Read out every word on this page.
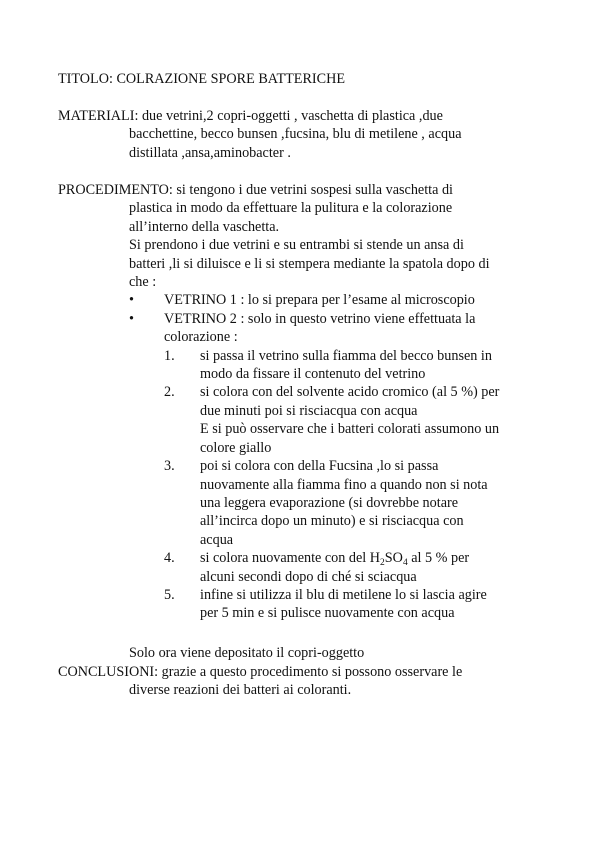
TITOLO: COLRAZIONE SPORE BATTERICHE

MATERIALI: due vetrini,2 copri-oggetti , vaschetta di plastica ,due

bacchettine, becco bunsen ,fucsina, blu di metilene , acqua

distillata ,ansa,aminobacter .

PROCEDIMENTO: si tengono i due vetrini sospesi sulla vaschetta di

plastica in modo da effettuare la pulitura e la colorazione

all’interno della vaschetta.

Si prendono i due vetrini e su entrambi si stende un ansa di

batteri ,li si diluisce e li si stempera mediante la spatola dopo di

che :

• VETRINO 1 : lo si prepara per l’esame al microscopio
• VETRINO 2 : solo in questo vetrino viene effettuata la
colorazione :
1. si passa il vetrino sulla fiamma del becco bunsen in
modo da fissare il contenuto del vetrino
2. si colora con del solvente acido cromico (al 5 %) per
due minuti poi si risciacqua con acqua
E si può osservare che i batteri colorati assumono un
colore giallo
3. poi si colora con della Fucsina ,lo si passa
nuovamente alla fiamma fino a quando non si nota
una leggera evaporazione (si dovrebbe notare
all’incirca dopo un minuto) e si risciacqua con
acqua
4. si colora nuovamente con del $H_2SO_4$ al 5 % per
alcuni secondi dopo di ché si sciacqua
5. infine si utilizza il blu di metilene lo si lascia agire
per 5 min e si pulisce nuovamente con acqua

Solo ora viene depositato il copri-oggetto

CONCLUSIONI: grazie a questo procedimento si possono osservare le

diverse reazioni dei batteri ai coloranti.
